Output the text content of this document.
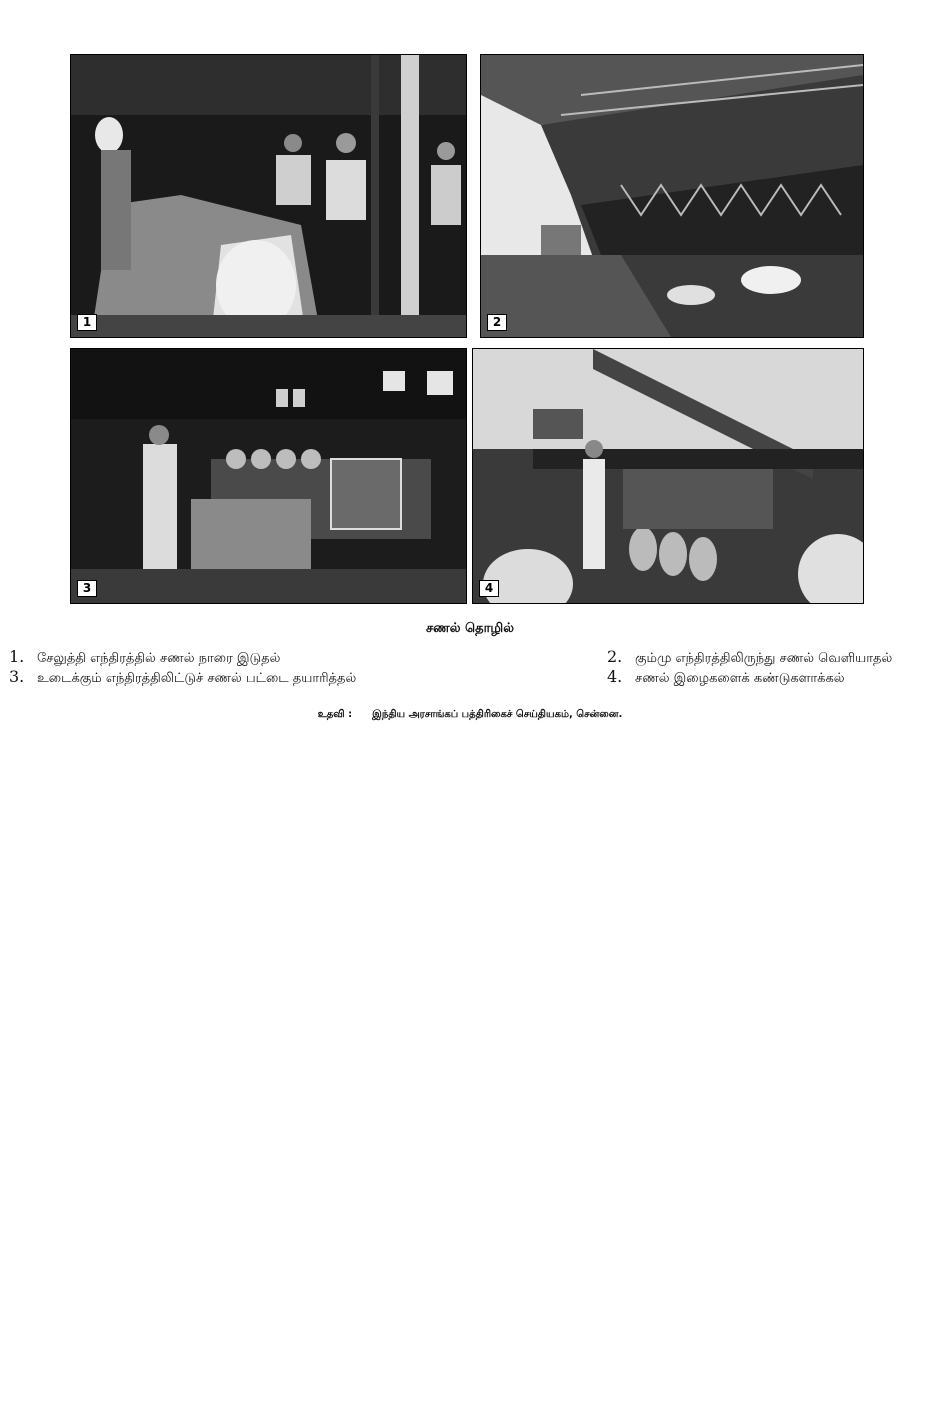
1	2
3	4
சணல் தொழில்
1. சேலுத்தி எந்திரத்தில் சணல் நாரை இடுதல்	2. கும்மு எந்திரத்திலிருந்து சணல் வெளியாதல்
3. உடைக்கும் எந்திரத்திலிட்டுச் சணல் பட்டை தயாரித்தல்	4. சணல் இழைகளைக் கண்டுகளாக்கல்
உதவி : இந்திய அரசாங்கப் பத்திரிகைச் செய்தியகம், சென்னை.
